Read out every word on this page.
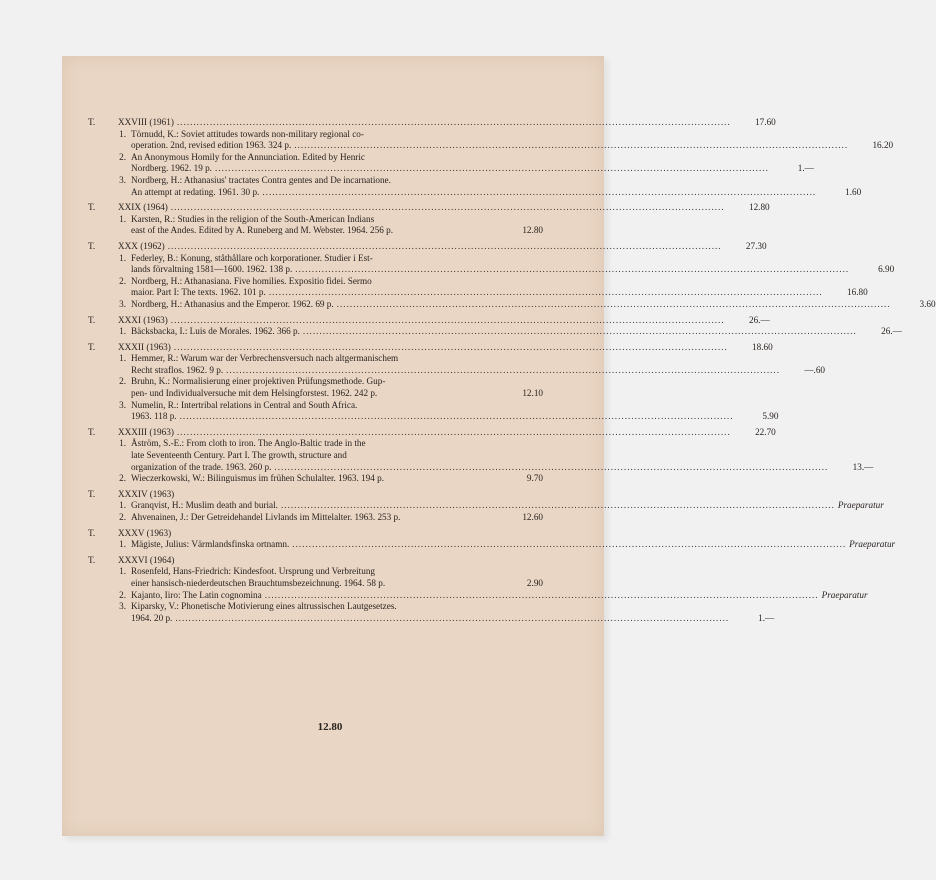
T.	XXVIII (1961) .....	17.60
1. Törnudd, K.: Soviet attitudes towards non-military regional co-
operation. 2nd, revised edition 1963. 324 p. .....	16.20
2. An Anonymous Homily for the Annunciation. Edited by Henric
Nordberg. 1962. 19 p. .....	1.—
3. Nordberg, H.: Athanasius' tractates Contra gentes and De incarnatione.
An attempt at redating. 1961. 30 p. .....	1.60
T.	XXIX (1964) .....	12.80
1. Karsten, R.: Studies in the religion of the South-American Indians
east of the Andes. Edited by A. Runeberg and M. Webster. 1964. 256 p.	12.80
T.	XXX (1962) .....	27.30
1. Federley, B.: Konung, ståthållare och korporationer. Studier i Est-
lands förvaltning 1581—1600. 1962. 138 p. .....	6.90
2. Nordberg, H.: Athanasiana. Five homilies. Expositio fidei. Sermo
maior. Part I: The texts. 1962. 101 p. .....	16.80
3. Nordberg, H.: Athanasius and the Emperor. 1962. 69 p. .....	3.60
T.	XXXI (1963) .....	26.—
1. Bäcksbacka, I.: Luis de Morales. 1962. 366 p. .....	26.—
T.	XXXII (1963) .....	18.60
1. Hemmer, R.: Warum war der Verbrechensversuch nach altgermanischem
Recht straflos. 1962. 9 p. .....	—.60
2. Bruhn, K.: Normalisierung einer projektiven Prüfungsmethode. Gup-
pen- und Individualversuche mit dem Helsingforstest. 1962. 242 p.	12.10
3. Numelin, R.: Intertribal relations in Central and South Africa.
1963. 118 p. .....	5.90
T.	XXXIII (1963) .....	22.70
1. Åström, S.-E.: From cloth to iron. The Anglo-Baltic trade in the
late Seventeenth Century. Part I. The growth, structure and
organization of the trade. 1963. 260 p. .....	13.—
2. Wieczerkowski, W.: Bilinguismus im frühen Schulalter. 1963. 194 p.	9.70
T.	XXXIV (1963)
1. Granqvist, H.: Muslim death and burial. .....	Praeparatur
2. Ahvenainen, J.: Der Getreidehandel Livlands im Mittelalter. 1963. 253 p.	12.60
T.	XXXV (1963)
1. Mägiste, Julius: Värmlandsfinska ortnamn. .....	Praeparatur
T.	XXXVI (1964)
1. Rosenfeld, Hans-Friedrich: Kindesfoot. Ursprung und Verbreitung
einer hansisch-niederdeutschen Brauchtumsbezeichnung. 1964. 58 p.	2.90
2. Kajanto, Iiro: The Latin cognomina .....	Praeparatur
3. Kiparsky, V.: Phonetische Motivierung eines altrussischen Lautgesetzes.
1964. 20 p. .....	1.—
12.80
